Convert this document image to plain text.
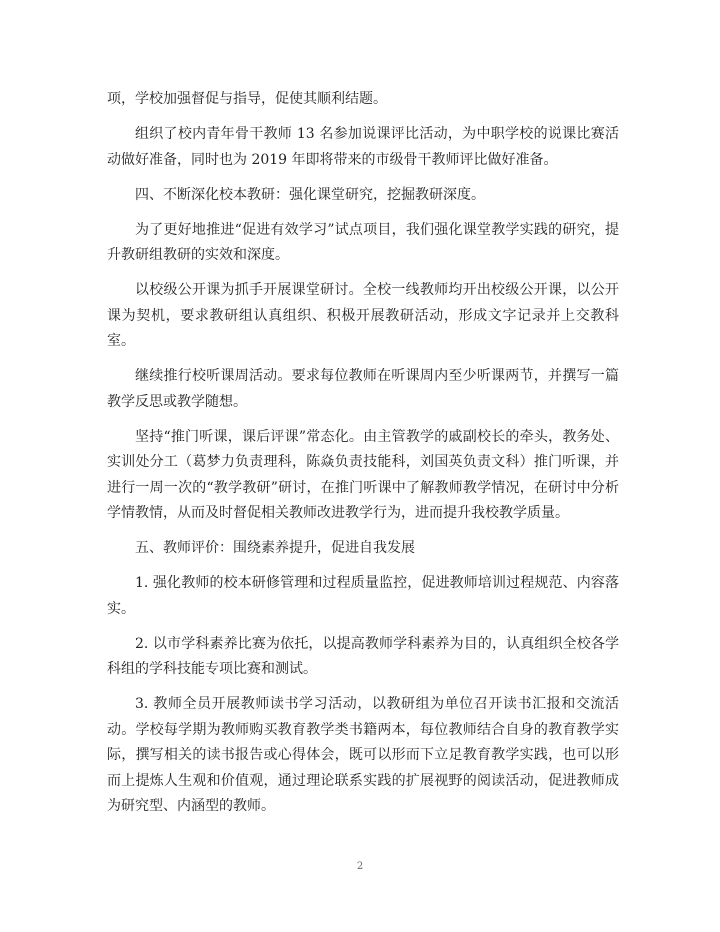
项，学校加强督促与指导，促使其顺利结题。

组织了校内青年骨干教师 13 名参加说课评比活动，为中职学校的说课比赛活动做好准备，同时也为 2019 年即将带来的市级骨干教师评比做好准备。

四、不断深化校本教研：强化课堂研究，挖掘教研深度。

为了更好地推进“促进有效学习”试点项目，我们强化课堂教学实践的研究，提升教研组教研的实效和深度。

以校级公开课为抓手开展课堂研讨。全校一线教师均开出校级公开课，以公开课为契机，要求教研组认真组织、积极开展教研活动，形成文字记录并上交教科室。

继续推行校听课周活动。要求每位教师在听课周内至少听课两节，并撰写一篇教学反思或教学随想。

坚持“推门听课，课后评课”常态化。由主管教学的戚副校长的牵头，教务处、实训处分工（葛梦力负责理科，陈焱负责技能科，刘国英负责文科）推门听课，并进行一周一次的“教学教研”研讨，在推门听课中了解教师教学情况，在研讨中分析学情教情，从而及时督促相关教师改进教学行为，进而提升我校教学质量。

五、教师评价：围绕素养提升，促进自我发展

1. 强化教师的校本研修管理和过程质量监控，促进教师培训过程规范、内容落实。

2. 以市学科素养比赛为依托，以提高教师学科素养为目的，认真组织全校各学科组的学科技能专项比赛和测试。

3. 教师全员开展教师读书学习活动，以教研组为单位召开读书汇报和交流活动。学校每学期为教师购买教育教学类书籍两本，每位教师结合自身的教育教学实际，撰写相关的读书报告或心得体会，既可以形而下立足教育教学实践，也可以形而上提炼人生观和价值观，通过理论联系实践的扩展视野的阅读活动，促进教师成为研究型、内涵型的教师。

2
